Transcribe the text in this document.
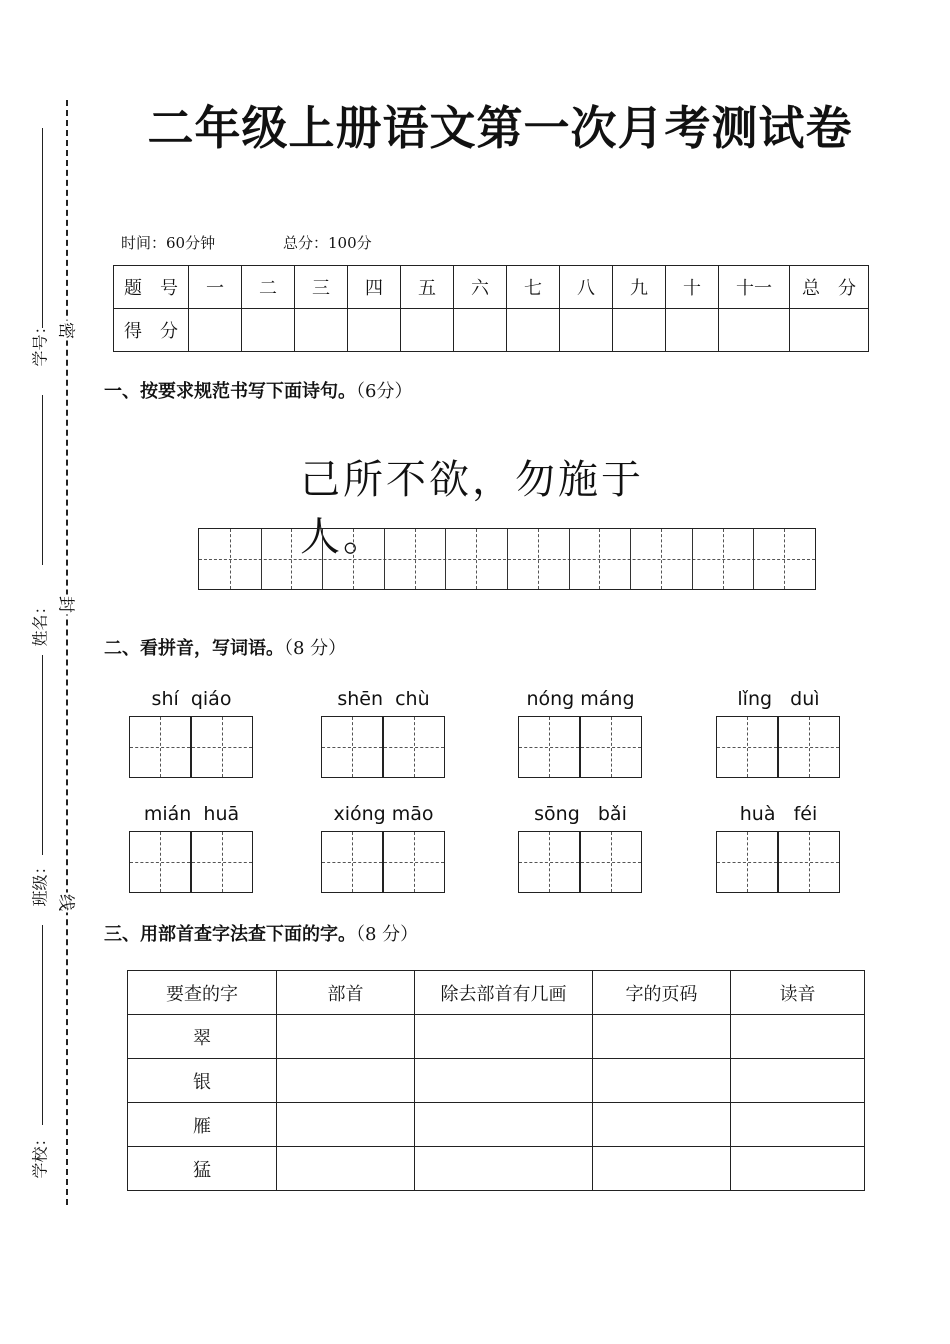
学号：
姓名：
班级：
学校：
密
封
线
二年级上册语文第一次月考测试卷
时间：60分钟	总分：100分
题　号	一	二	三	四	五	六	七	八	九	十	十一	总　分
得　分												
一、按要求规范书写下面诗句。（6分）
己所不欲，勿施于人。
二、看拼音，写词语。（8 分）
shí  qiáo	shēn  chù	nóng máng	lǐng   duì
mián  huā	xióng māo	sōng   bǎi	huà   féi
三、用部首查字法查下面的字。（8 分）
要查的字	部首	除去部首有几画	字的页码	读音
翠				
银				
雁				
猛				
